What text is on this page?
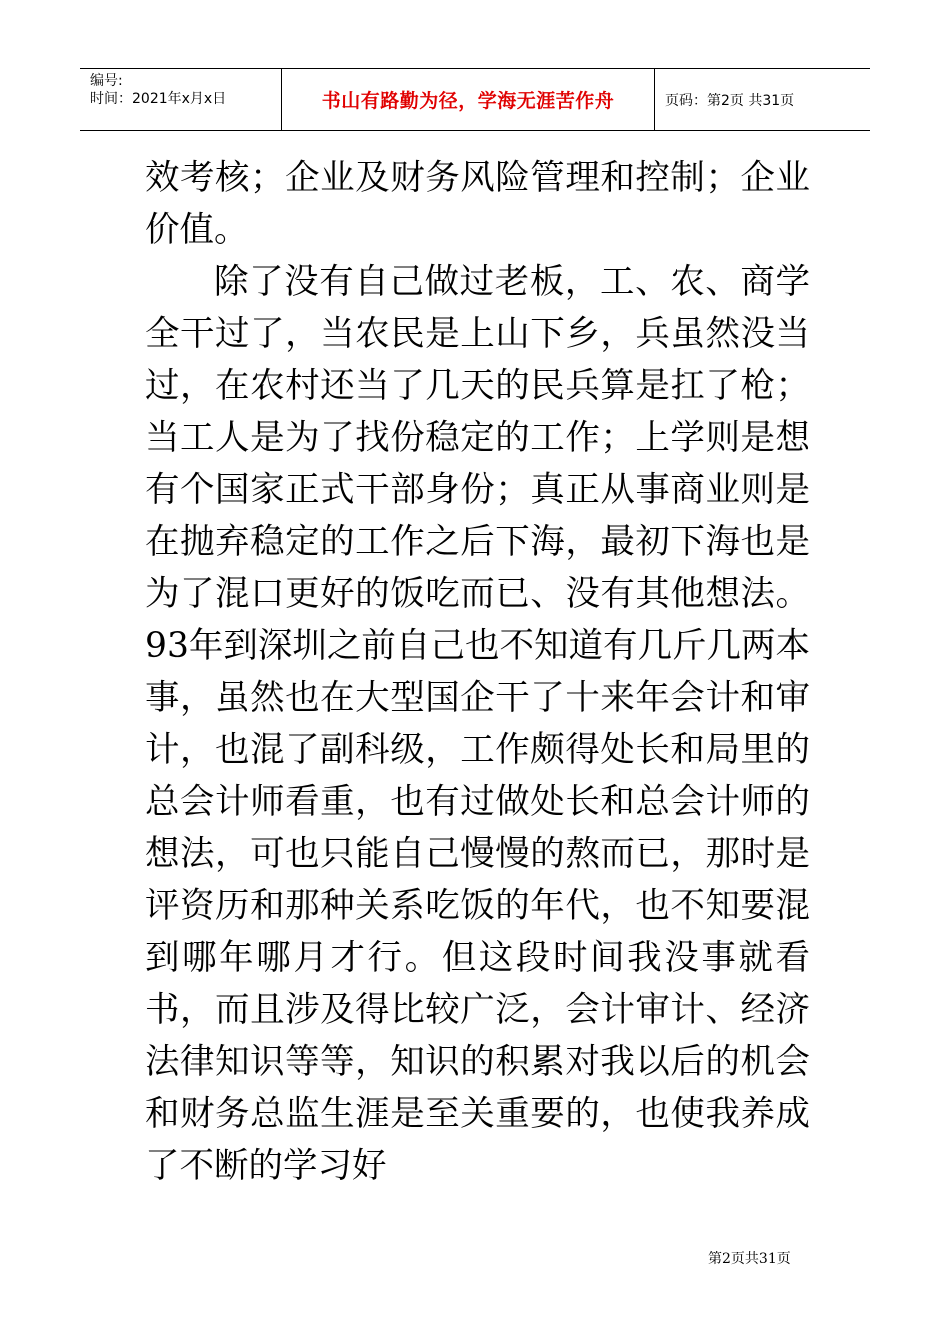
编号:
时间：2021年x月x日	书山有路勤为径，学海无涯苦作舟	页码：第2页 共31页

效考核；企业及财务风险管理和控制；企业价值。

除了没有自己做过老板，工、农、商学全干过了，当农民是上山下乡，兵虽然没当过，在农村还当了几天的民兵算是扛了枪；当工人是为了找份稳定的工作；上学则是想有个国家正式干部身份；真正从事商业则是在抛弃稳定的工作之后下海，最初下海也是为了混口更好的饭吃而已、没有其他想法。93年到深圳之前自己也不知道有几斤几两本事，虽然也在大型国企干了十来年会计和审计，也混了副科级，工作颇得处长和局里的总会计师看重，也有过做处长和总会计师的想法，可也只能自己慢慢的熬而已，那时是评资历和那种关系吃饭的年代，也不知要混到哪年哪月才行。但这段时间我没事就看书，而且涉及得比较广泛，会计审计、经济法律知识等等，知识的积累对我以后的机会和财务总监生涯是至关重要的，也使我养成了不断的学习好

第2页共31页
